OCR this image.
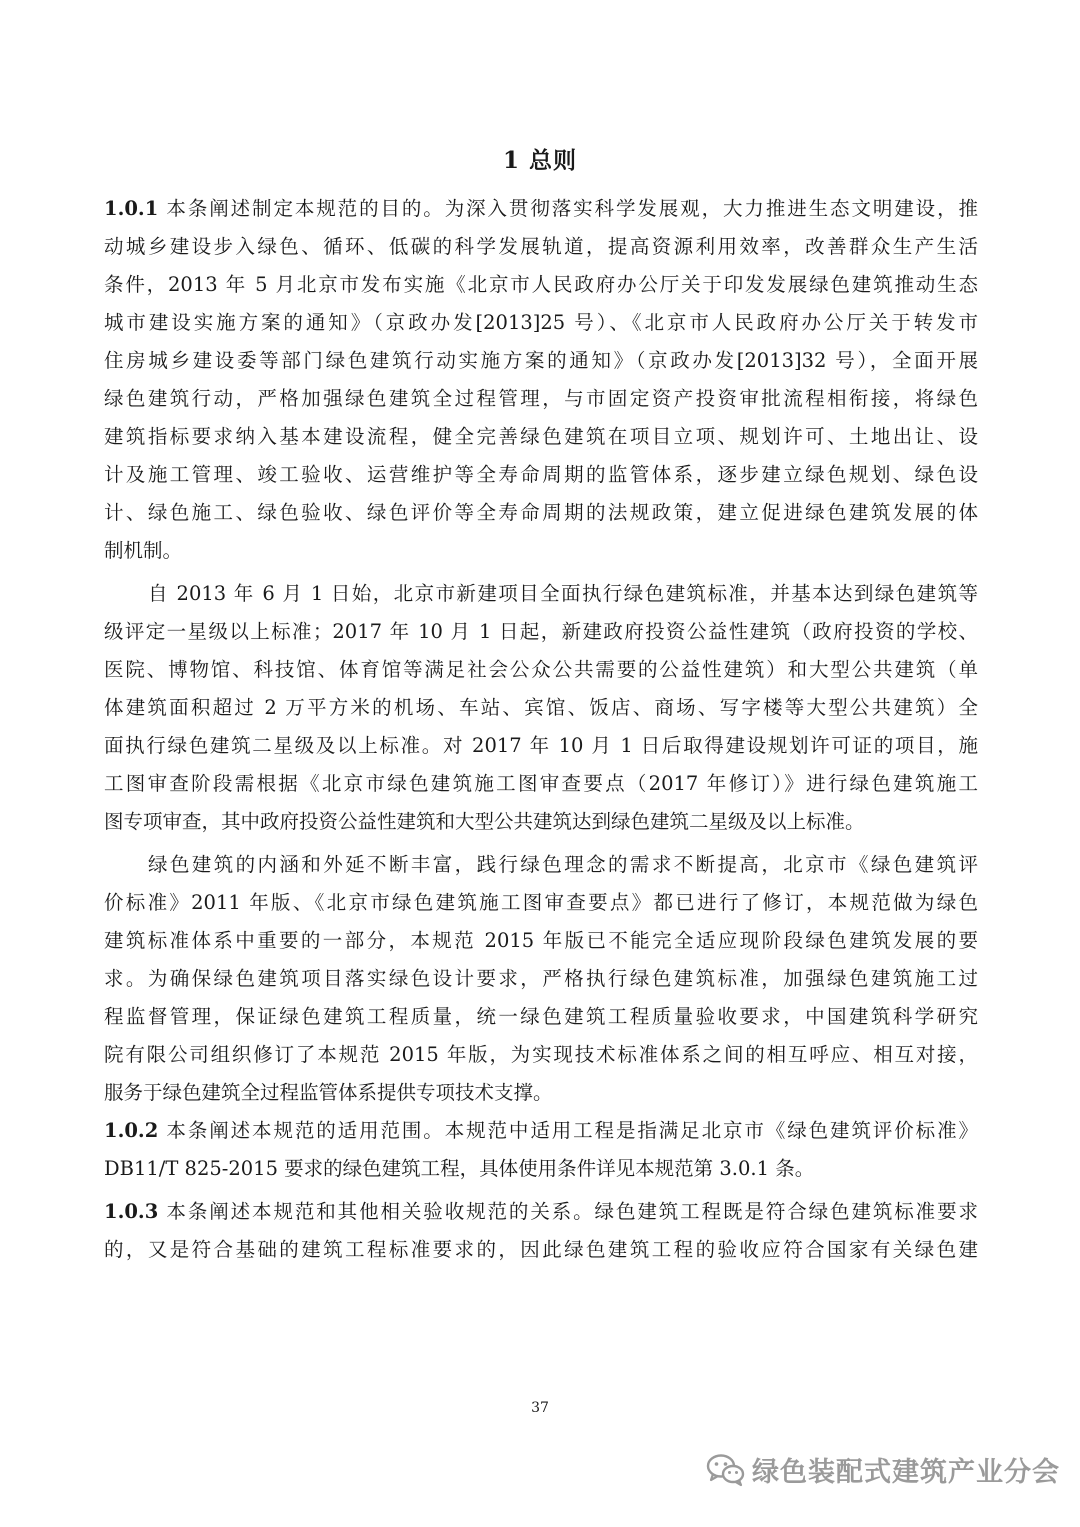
1 总则
1.0.1 本条阐述制定本规范的目的。为深入贯彻落实科学发展观，大力推进生态文明建设，推
动城乡建设步入绿色、循环、低碳的科学发展轨道，提高资源利用效率，改善群众生产生活
条件，2013 年 5 月北京市发布实施《北京市人民政府办公厅关于印发发展绿色建筑推动生态
城市建设实施方案的通知》（京政办发[2013]25 号）、《北京市人民政府办公厅关于转发市
住房城乡建设委等部门绿色建筑行动实施方案的通知》（京政办发[2013]32 号），全面开展
绿色建筑行动，严格加强绿色建筑全过程管理，与市固定资产投资审批流程相衔接，将绿色
建筑指标要求纳入基本建设流程，健全完善绿色建筑在项目立项、规划许可、土地出让、设
计及施工管理、竣工验收、运营维护等全寿命周期的监管体系，逐步建立绿色规划、绿色设
计、绿色施工、绿色验收、绿色评价等全寿命周期的法规政策，建立促进绿色建筑发展的体
制机制。
自 2013 年 6 月 1 日始，北京市新建项目全面执行绿色建筑标准，并基本达到绿色建筑等
级评定一星级以上标准；2017 年 10 月 1 日起，新建政府投资公益性建筑（政府投资的学校、
医院、博物馆、科技馆、体育馆等满足社会公众公共需要的公益性建筑）和大型公共建筑（单
体建筑面积超过 2 万平方米的机场、车站、宾馆、饭店、商场、写字楼等大型公共建筑）全
面执行绿色建筑二星级及以上标准。对 2017 年 10 月 1 日后取得建设规划许可证的项目，施
工图审查阶段需根据《北京市绿色建筑施工图审查要点（2017 年修订）》进行绿色建筑施工
图专项审查，其中政府投资公益性建筑和大型公共建筑达到绿色建筑二星级及以上标准。
绿色建筑的内涵和外延不断丰富，践行绿色理念的需求不断提高，北京市《绿色建筑评
价标准》2011 年版、《北京市绿色建筑施工图审查要点》都已进行了修订，本规范做为绿色
建筑标准体系中重要的一部分，本规范 2015 年版已不能完全适应现阶段绿色建筑发展的要
求。为确保绿色建筑项目落实绿色设计要求，严格执行绿色建筑标准，加强绿色建筑施工过
程监督管理，保证绿色建筑工程质量，统一绿色建筑工程质量验收要求，中国建筑科学研究
院有限公司组织修订了本规范 2015 年版，为实现技术标准体系之间的相互呼应、相互对接，
服务于绿色建筑全过程监管体系提供专项技术支撑。
1.0.2 本条阐述本规范的适用范围。本规范中适用工程是指满足北京市《绿色建筑评价标准》
DB11/T 825-2015 要求的绿色建筑工程，具体使用条件详见本规范第 3.0.1 条。
1.0.3 本条阐述本规范和其他相关验收规范的关系。绿色建筑工程既是符合绿色建筑标准要求
的，又是符合基础的建筑工程标准要求的，因此绿色建筑工程的验收应符合国家有关绿色建
37
绿色装配式建筑产业分会
